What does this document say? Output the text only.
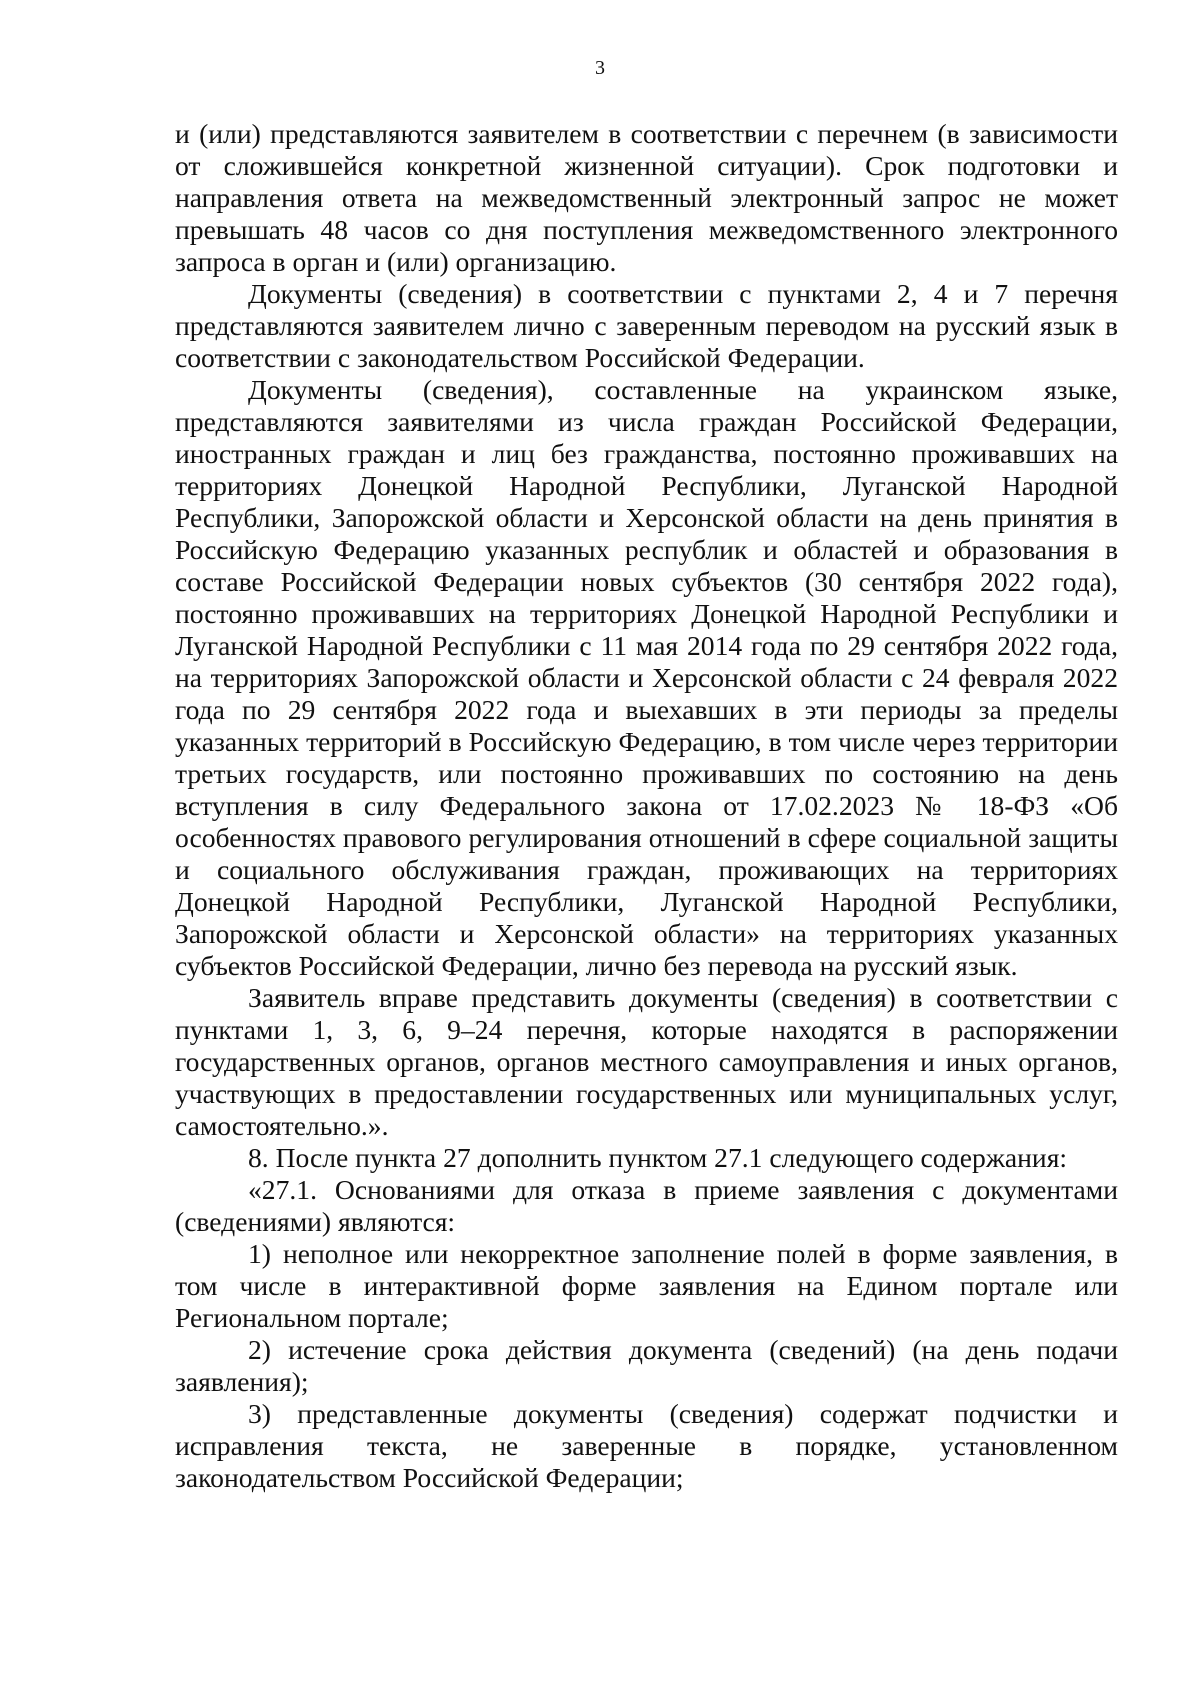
3

и (или) представляются заявителем в соответствии с перечнем (в зависимости от сложившейся конкретной жизненной ситуации). Срок подготовки и направления ответа на межведомственный электронный запрос не может превышать 48 часов со дня поступления межведомственного электронного запроса в орган и (или) организацию.

Документы (сведения) в соответствии с пунктами 2, 4 и 7 перечня представляются заявителем лично с заверенным переводом на русский язык в соответствии с законодательством Российской Федерации.

Документы (сведения), составленные на украинском языке, представляются заявителями из числа граждан Российской Федерации, иностранных граждан и лиц без гражданства, постоянно проживавших на территориях Донецкой Народной Республики, Луганской Народной Республики, Запорожской области и Херсонской области на день принятия в Российскую Федерацию указанных республик и областей и образования в составе Российской Федерации новых субъектов (30 сентября 2022 года), постоянно проживавших на территориях Донецкой Народной Республики и Луганской Народной Республики с 11 мая 2014 года по 29 сентября 2022 года, на территориях Запорожской области и Херсонской области с 24 февраля 2022 года по 29 сентября 2022 года и выехавших в эти периоды за пределы указанных территорий в Российскую Федерацию, в том числе через территории третьих государств, или постоянно проживавших по состоянию на день вступления в силу Федерального закона от 17.02.2023 № 18-ФЗ «Об особенностях правового регулирования отношений в сфере социальной защиты и социального обслуживания граждан, проживающих на территориях Донецкой Народной Республики, Луганской Народной Республики, Запорожской области и Херсонской области» на территориях указанных субъектов Российской Федерации, лично без перевода на русский язык.

Заявитель вправе представить документы (сведения) в соответствии с пунктами 1, 3, 6, 9–24 перечня, которые находятся в распоряжении государственных органов, органов местного самоуправления и иных органов, участвующих в предоставлении государственных или муниципальных услуг, самостоятельно.».

8. После пункта 27 дополнить пунктом 27.1 следующего содержания:

«27.1. Основаниями для отказа в приеме заявления с документами (сведениями) являются:

1) неполное или некорректное заполнение полей в форме заявления, в том числе в интерактивной форме заявления на Едином портале или Региональном портале;

2) истечение срока действия документа (сведений) (на день подачи заявления);

3) представленные документы (сведения) содержат подчистки и исправления текста, не заверенные в порядке, установленном законодательством Российской Федерации;
